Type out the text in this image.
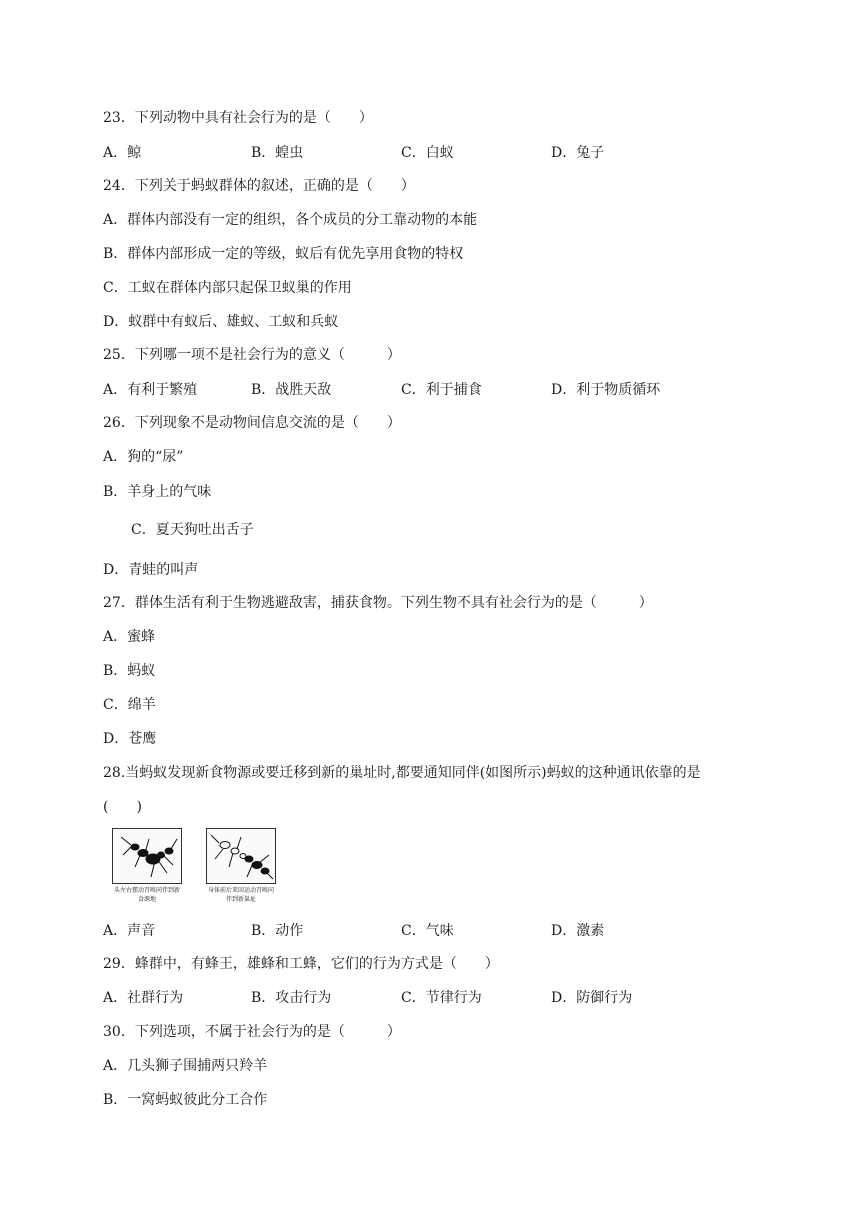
23．下列动物中具有社会行为的是（　　）
A．鲸	B．蝗虫	C．白蚁	D．兔子
24．下列关于蚂蚁群体的叙述，正确的是（　　）
A．群体内部没有一定的组织，各个成员的分工靠动物的本能
B．群体内部形成一定的等级，蚁后有优先享用食物的特权
C．工蚁在群体内部只起保卫蚁巢的作用
D．蚁群中有蚁后、雄蚁、工蚁和兵蚁
25．下列哪一项不是社会行为的意义（　　　）
A．有利于繁殖	B．战胜天敌	C．利于捕食	D．利于物质循环
26．下列现象不是动物间信息交流的是（　　）
A．狗的“尿”
B．羊身上的气味
C．夏天狗吐出舌子
D．青蛙的叫声
27．群体生活有利于生物逃避敌害，捕获食物。下列生物不具有社会行为的是（　　　）
A．蜜蜂
B．蚂蚁
C．绵羊
D．苍鹰
28.当蚂蚁发现新食物源或要迁移到新的巢址时,都要通知同伴(如图所示)蚂蚁的这种通讯依靠的是
(　　)
头左右摆动召唤同伴到新食源地
身体前后来回运动召唤同伴到新巢址
A．声音	B．动作	C．气味	D．激素
29．蜂群中，有蜂王，雄蜂和工蜂，它们的行为方式是（　　）
A．社群行为	B．攻击行为	C．节律行为	D．防御行为
30．下列选项，不属于社会行为的是（　　　）
A．几头狮子围捕两只羚羊
B．一窝蚂蚁彼此分工合作
